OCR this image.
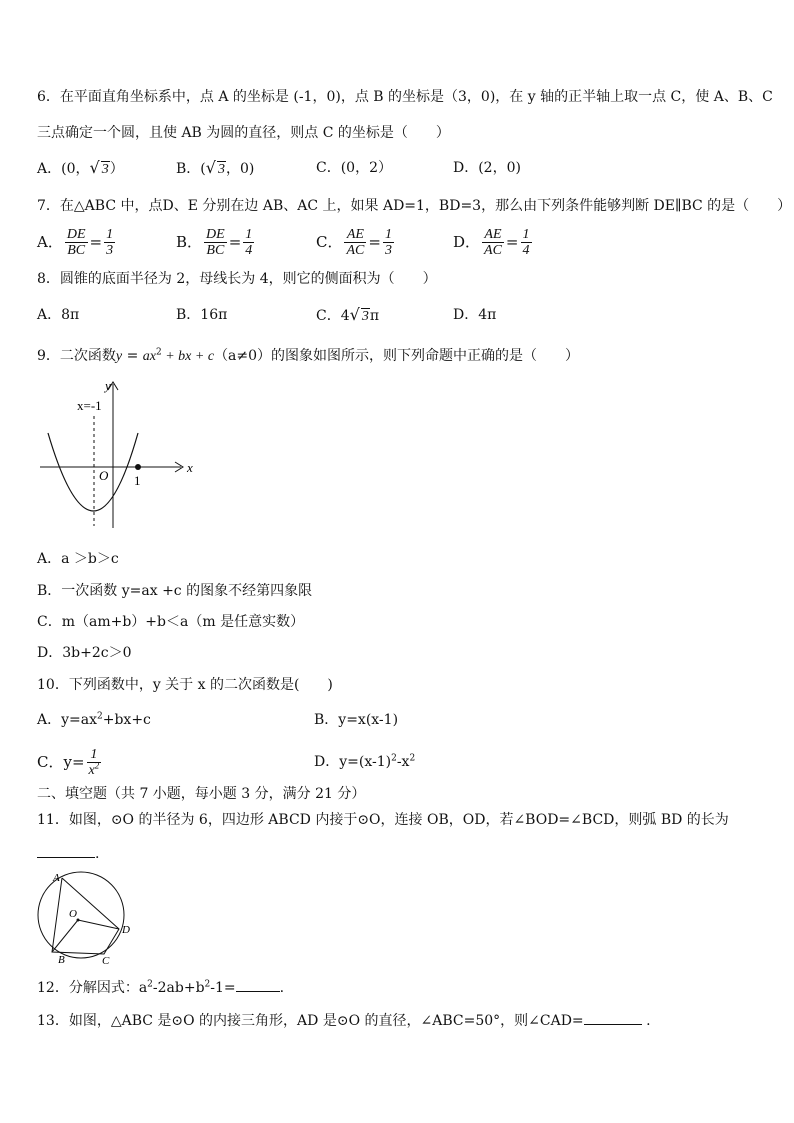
6．在平面直角坐标系中，点 A 的坐标是 (-1，0)，点 B 的坐标是（3，0)，在 y 轴的正半轴上取一点 C，使 A、B、C
三点确定一个圆，且使 AB 为圆的直径，则点 C 的坐标是（　　）
A．(0，√ 3）	B．(√ 3，0)	C．(0，2）	D．(2，0)
7．在△ABC 中，点D、E 分别在边 AB、AC 上，如果 AD=1，BD=3，那么由下列条件能够判断 DE∥BC 的是（　　）
A． $\frac{DE}{BC} = \frac{1}{3}$	B． $\frac{DE}{BC} = \frac{1}{4}$	C． $\frac{AE}{AC} = \frac{1}{3}$	D． $\frac{AE}{AC} = \frac{1}{4}$
8．圆锥的底面半径为 2，母线长为 4，则它的侧面积为（　　）
A．8π	B．16π	C．4√ 3π	D．4π
9．二次函数$y = ax^2$ + bx + c（a≠0）的图象如图所示，则下列命题中正确的是（　　）
y
x
O
x=-1
1
A．a ＞b＞c
B．一次函数 y=ax +c 的图象不经第四象限
C．m（am+b）+b＜a（m 是任意实数）
D．3b+2c＞0
10．下列函数中，y 关于 x 的二次函数是(　　)
A．$y=ax^2+bx+c$	B．y=x(x-1)
C．$y= \frac{1}{x^2}$	D．$y=(x-1)^2-x^2$
二、填空题（共 7 小题，每小题 3 分，满分 21 分）
11．如图，⊙O 的半径为 6，四边形 ABCD 内接于⊙O，连接 OB，OD，若∠BOD=∠BCD，则弧 BD 的长为
.
A
O
B	C
D
12．分解因式：$a^2-2ab+b^2-1=$	.
13．如图，△ABC 是⊙O 的内接三角形，AD 是⊙O 的直径，∠ABC=50°，则∠CAD=	.
